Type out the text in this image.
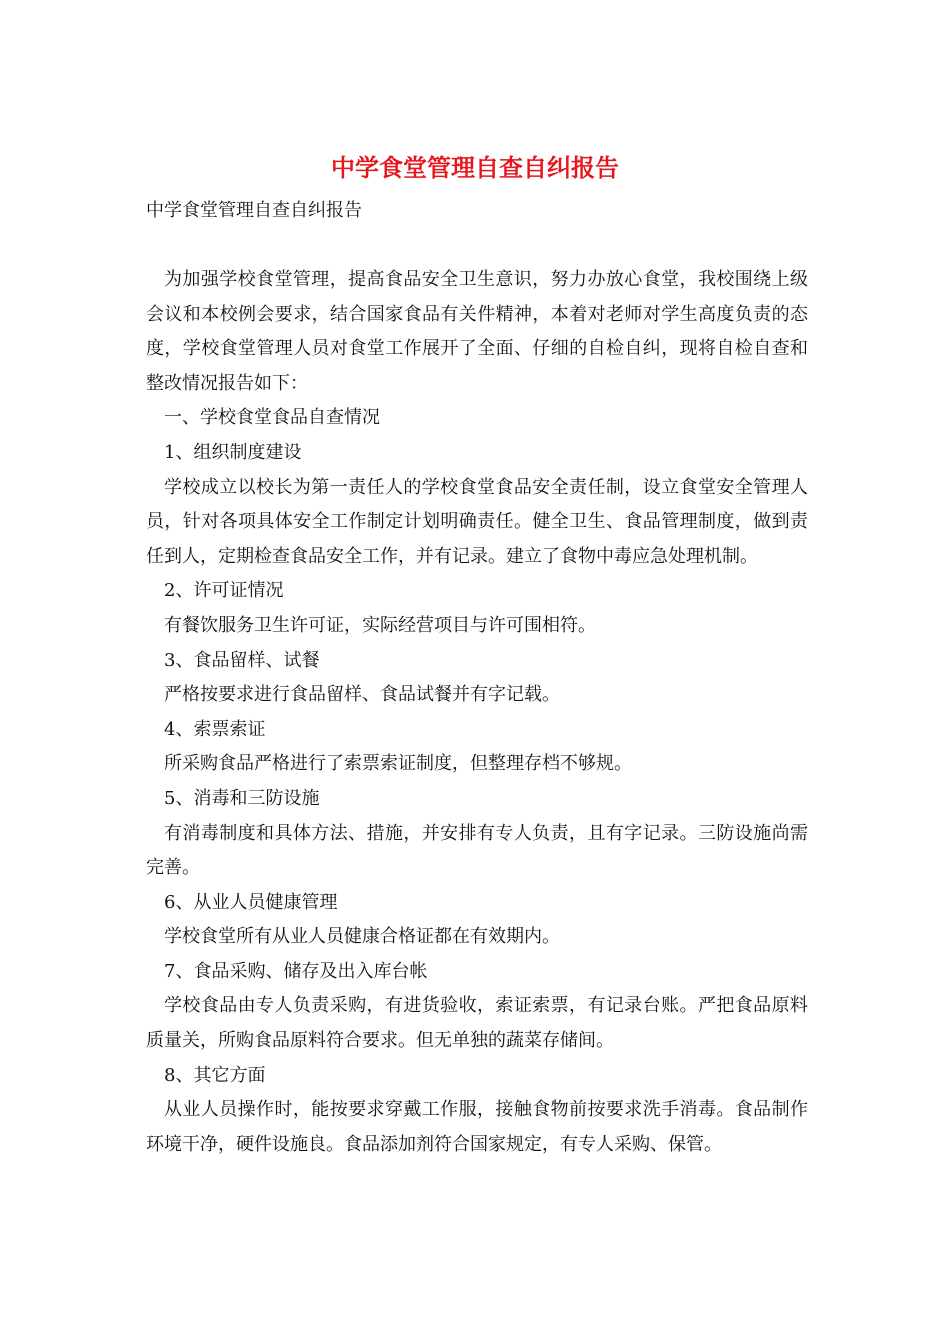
中学食堂管理自查自纠报告
中学食堂管理自查自纠报告

为加强学校食堂管理，提高食品安全卫生意识，努力办放心食堂，我校围绕上级会议和本校例会要求，结合国家食品有关件精神，本着对老师对学生高度负责的态度，学校食堂管理人员对食堂工作展开了全面、仔细的自检自纠，现将自检自查和整改情况报告如下：

一、学校食堂食品自查情况

1、组织制度建设

学校成立以校长为第一责任人的学校食堂食品安全责任制，设立食堂安全管理人员，针对各项具体安全工作制定计划明确责任。健全卫生、食品管理制度，做到责任到人，定期检查食品安全工作，并有记录。建立了食物中毒应急处理机制。

2、许可证情况

有餐饮服务卫生许可证，实际经营项目与许可围相符。

3、食品留样、试餐

严格按要求进行食品留样、食品试餐并有字记载。

4、索票索证

所采购食品严格进行了索票索证制度，但整理存档不够规。

5、消毒和三防设施

有消毒制度和具体方法、措施，并安排有专人负责，且有字记录。三防设施尚需完善。

6、从业人员健康管理

学校食堂所有从业人员健康合格证都在有效期内。

7、食品采购、储存及出入库台帐

学校食品由专人负责采购，有进货验收，索证索票，有记录台账。严把食品原料质量关，所购食品原料符合要求。但无单独的蔬菜存储间。

8、其它方面

从业人员操作时，能按要求穿戴工作服，接触食物前按要求洗手消毒。食品制作环境干净，硬件设施良。食品添加剂符合国家规定，有专人采购、保管。
